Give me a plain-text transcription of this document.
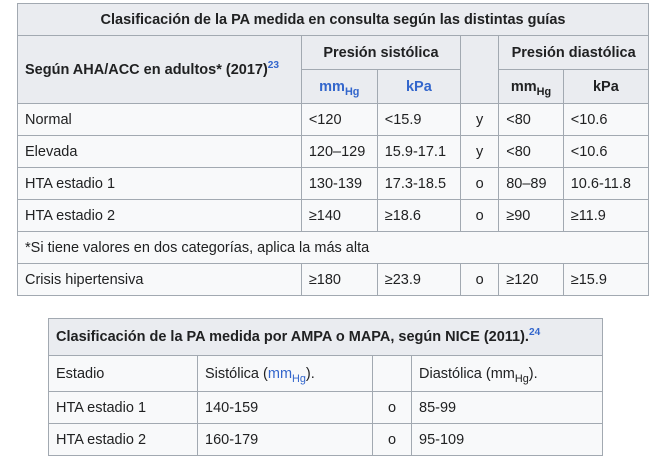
Clasificación de la PA medida en consulta según las distintas guías					
Según AHA/ACC en adultos* $(2017)^{23}$	Presión sistólica			Presión diastólica	
	$mm_{Hg}$	kPa		$mm_{Hg}$	kPa
Normal	<120	<15.9	y	<80	<10.6
Elevada	120–129	15.9-17.1	y	<80	<10.6
HTA estadio 1	130-139	17.3-18.5	o	80–89	10.6-11.8
HTA estadio 2	≥140	≥18.6	o	≥90	≥11.9
*Si tiene valores en dos categorías, aplica la más alta					
Crisis hipertensiva	≥180	≥23.9	o	≥120	≥15.9
Clasificación de la PA medida por AMPA o MAPA, según NICE (2011).$^{24}$
Estadio	Sistólica $(mm_{Hg})$.		Diastólica $(mm_{Hg})$.
HTA estadio 1	140-159	o	85-99
HTA estadio 2	160-179	o	95-109
